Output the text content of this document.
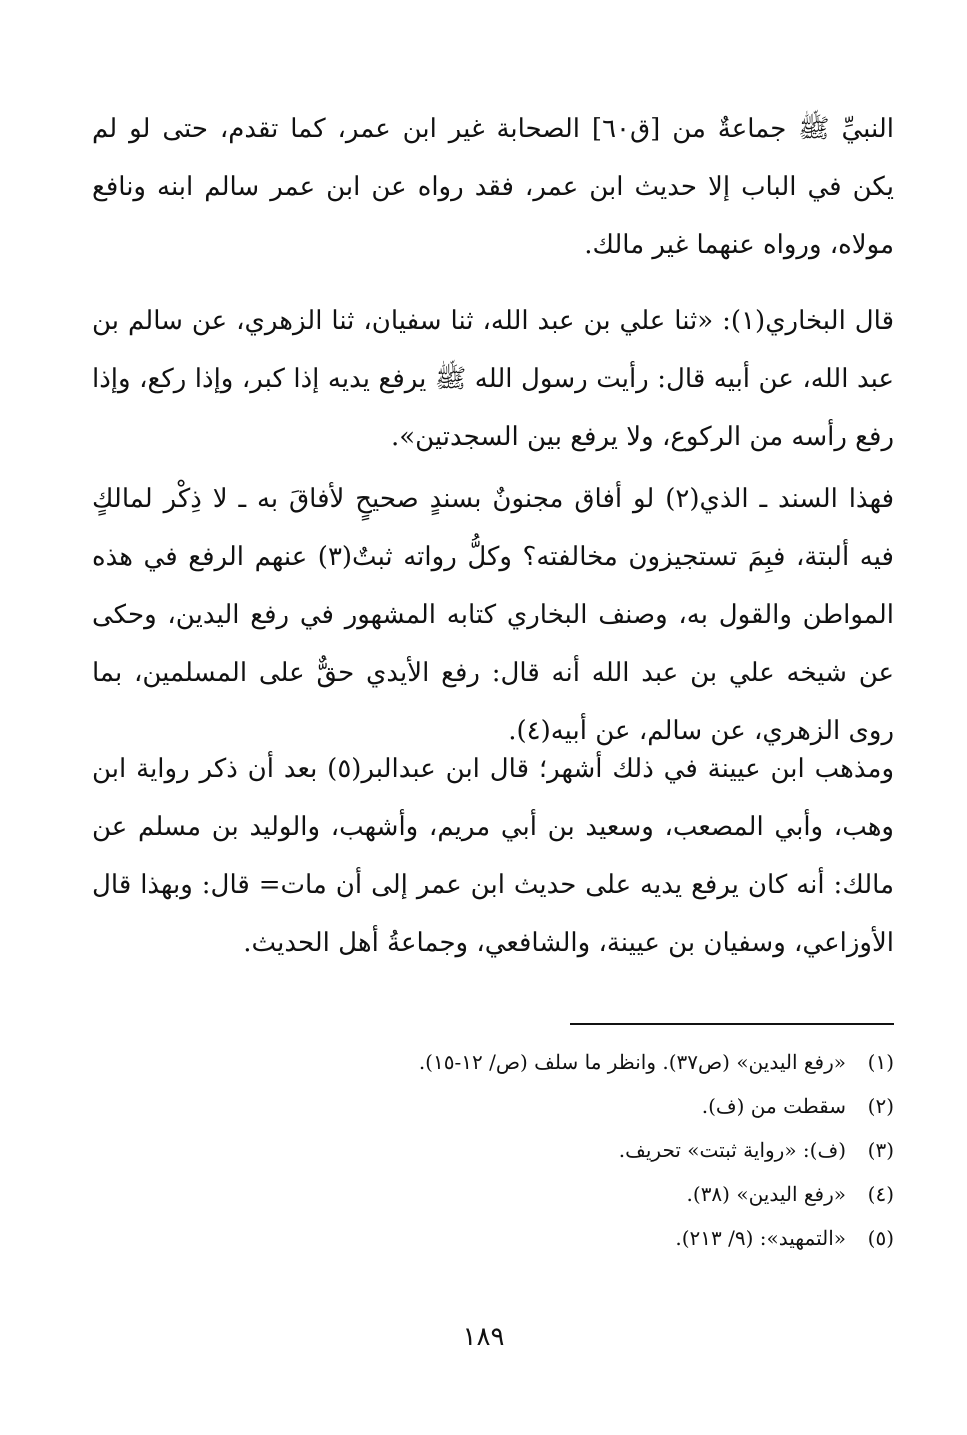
النبيِّ ﷺ جماعةٌ من [ق٦٠] الصحابة غير ابن عمر، كما تقدم، حتى لو لم يكن في الباب إلا حديث ابن عمر، فقد رواه عن ابن عمر سالم ابنه ونافع مولاه، ورواه عنهما غير مالك.

قال البخاري(١): «ثنا علي بن عبد الله، ثنا سفيان، ثنا الزهري، عن سالم بن عبد الله، عن أبيه قال: رأيت رسول الله ﷺ يرفع يديه إذا كبر، وإذا ركع، وإذا رفع رأسه من الركوع، ولا يرفع بين السجدتين».

فهذا السند ـ الذي(٢) لو أفاق مجنونٌ بسندٍ صحيحٍ لأفاقَ به ـ لا ذِكْر لمالكٍ فيه ألبتة، فبِمَ تستجيزون مخالفته؟ وكلُّ رواته ثبتٌ(٣) عنهم الرفع في هذه المواطن والقول به، وصنف البخاري كتابه المشهور في رفع اليدين، وحكى عن شيخه علي بن عبد الله أنه قال: رفع الأيدي حقٌّ على المسلمين، بما روى الزهري، عن سالم، عن أبيه(٤).

ومذهب ابن عيينة في ذلك أشهر؛ قال ابن عبدالبر(٥) بعد أن ذكر رواية ابن وهب، وأبي المصعب، وسعيد بن أبي مريم، وأشهب، والوليد بن مسلم عن مالك: أنه كان يرفع يديه على حديث ابن عمر إلى أن مات= قال: وبهذا قال الأوزاعي، وسفيان بن عيينة، والشافعي، وجماعةُ أهل الحديث.

(١)«رفع اليدين» (ص٣٧). وانظر ما سلف (ص/ ١٢-١٥).
(٢)سقطت من (ف).
(٣)(ف): «رواية ثبتت» تحريف.
(٤)«رفع اليدين» (٣٨).
(٥)«التمهيد»: (٩/ ٢١٣).
١٨٩
